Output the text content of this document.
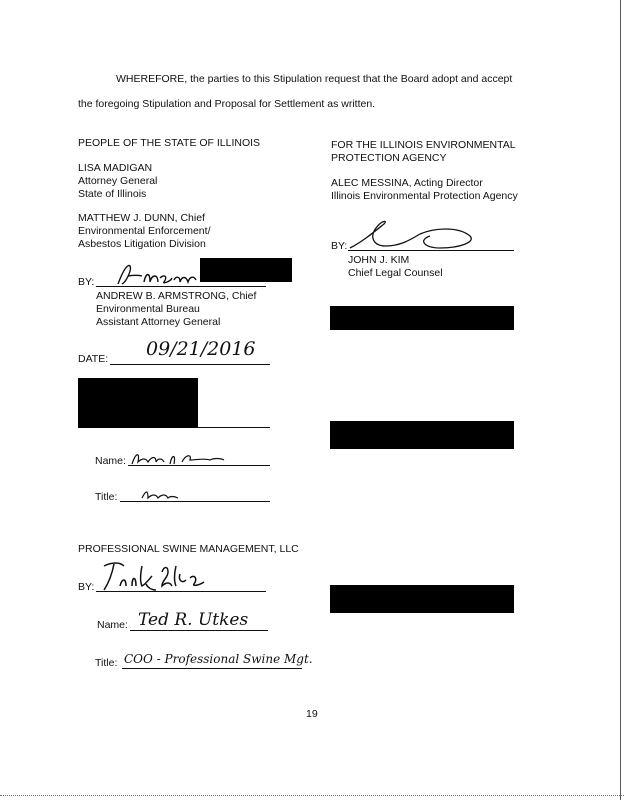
WHEREFORE, the parties to this Stipulation request that the Board adopt and accept
the foregoing Stipulation and Proposal for Settlement as written.
PEOPLE OF THE STATE OF ILLINOIS
LISA MADIGAN
Attorney General
State of Illinois
MATTHEW J. DUNN, Chief
Environmental Enforcement/
Asbestos Litigation Division
BY:
ANDREW B. ARMSTRONG, Chief
Environmental Bureau
Assistant Attorney General
DATE: 09/21/2016
Name:
Title:
PROFESSIONAL SWINE MANAGEMENT, LLC
BY:
Name: Ted R. Utkes
Title: COO - Professional Swine Mgt.
FOR THE ILLINOIS ENVIRONMENTAL
PROTECTION AGENCY
ALEC MESSINA, Acting Director
Illinois Environmental Protection Agency
BY:
JOHN J. KIM
Chief Legal Counsel
19
